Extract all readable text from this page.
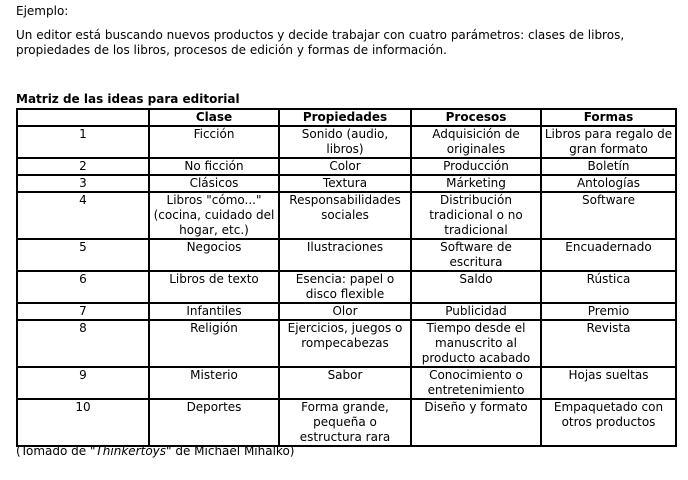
Ejemplo:
Un editor está buscando nuevos productos y decide trabajar con cuatro parámetros: clases de libros, propiedades de los libros, procesos de edición y formas de información.
Matriz de las ideas para editorial
	Clase	Propiedades	Procesos	Formas
1	Ficción	Sonido (audio, libros)	Adquisición de originales	Libros para regalo de gran formato
2	No ficción	Color	Producción	Boletín
3	Clásicos	Textura	Márketing	Antologías
4	Libros "cómo..." (cocina, cuidado del hogar, etc.)	Responsabilidades sociales	Distribución tradicional o no tradicional	Software
5	Negocios	Ilustraciones	Software de escritura	Encuadernado
6	Libros de texto	Esencia: papel o disco flexible	Saldo	Rústica
7	Infantiles	Olor	Publicidad	Premio
8	Religión	Ejercicios, juegos o rompecabezas	Tiempo desde el manuscrito al producto acabado	Revista
9	Misterio	Sabor	Conocimiento o entretenimiento	Hojas sueltas
10	Deportes	Forma grande, pequeña o estructura rara	Diseño y formato	Empaquetado con otros productos
(Tomado de "Thinkertoys" de Michael Mihalko)
